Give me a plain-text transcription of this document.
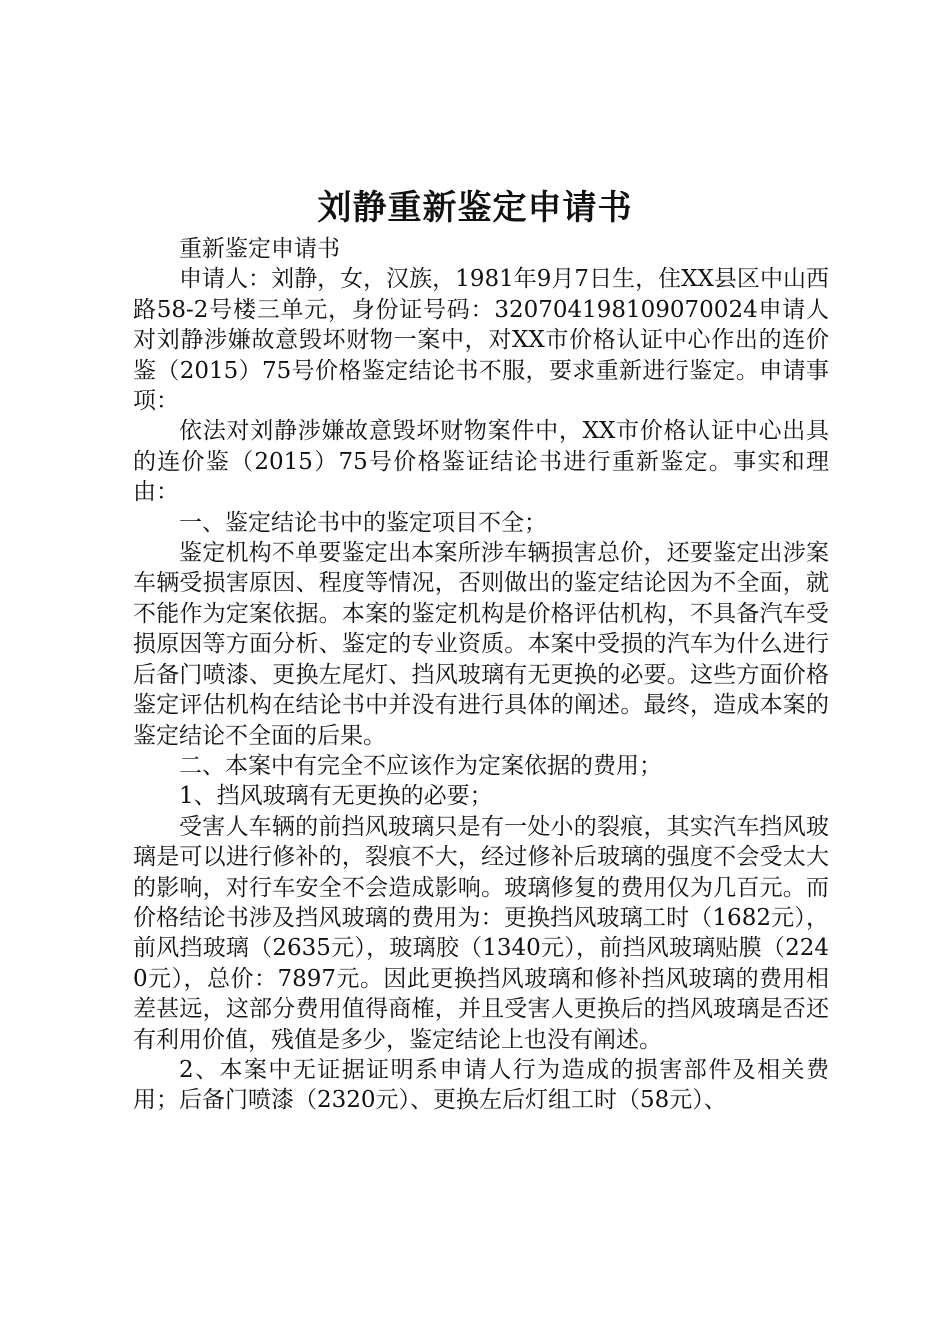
刘静重新鉴定申请书

重新鉴定申请书

申请人：刘静，女，汉族，1981年9月7日生，住XX县区中山西路58-2号楼三单元，身份证号码：320704198109070024申请人对刘静涉嫌故意毁坏财物一案中，对XX市价格认证中心作出的连价鉴（2015）75号价格鉴定结论书不服，要求重新进行鉴定。申请事项：

依法对刘静涉嫌故意毁坏财物案件中，XX市价格认证中心出具的连价鉴（2015）75号价格鉴证结论书进行重新鉴定。事实和理由：

一、鉴定结论书中的鉴定项目不全；

鉴定机构不单要鉴定出本案所涉车辆损害总价，还要鉴定出涉案车辆受损害原因、程度等情况，否则做出的鉴定结论因为不全面，就不能作为定案依据。本案的鉴定机构是价格评估机构，不具备汽车受损原因等方面分析、鉴定的专业资质。本案中受损的汽车为什么进行后备门喷漆、更换左尾灯、挡风玻璃有无更换的必要。这些方面价格鉴定评估机构在结论书中并没有进行具体的阐述。最终，造成本案的鉴定结论不全面的后果。

二、本案中有完全不应该作为定案依据的费用；

1、挡风玻璃有无更换的必要；

受害人车辆的前挡风玻璃只是有一处小的裂痕，其实汽车挡风玻璃是可以进行修补的，裂痕不大，经过修补后玻璃的强度不会受太大的影响，对行车安全不会造成影响。玻璃修复的费用仅为几百元。而价格结论书涉及挡风玻璃的费用为：更换挡风玻璃工时（1682元），前风挡玻璃（2635元），玻璃胶（1340元），前挡风玻璃贴膜（2240元），总价：7897元。因此更换挡风玻璃和修补挡风玻璃的费用相差甚远，这部分费用值得商榷，并且受害人更换后的挡风玻璃是否还有利用价值，残值是多少，鉴定结论上也没有阐述。

2、本案中无证据证明系申请人行为造成的损害部件及相关费用；后备门喷漆（2320元）、更换左后灯组工时（58元）、
